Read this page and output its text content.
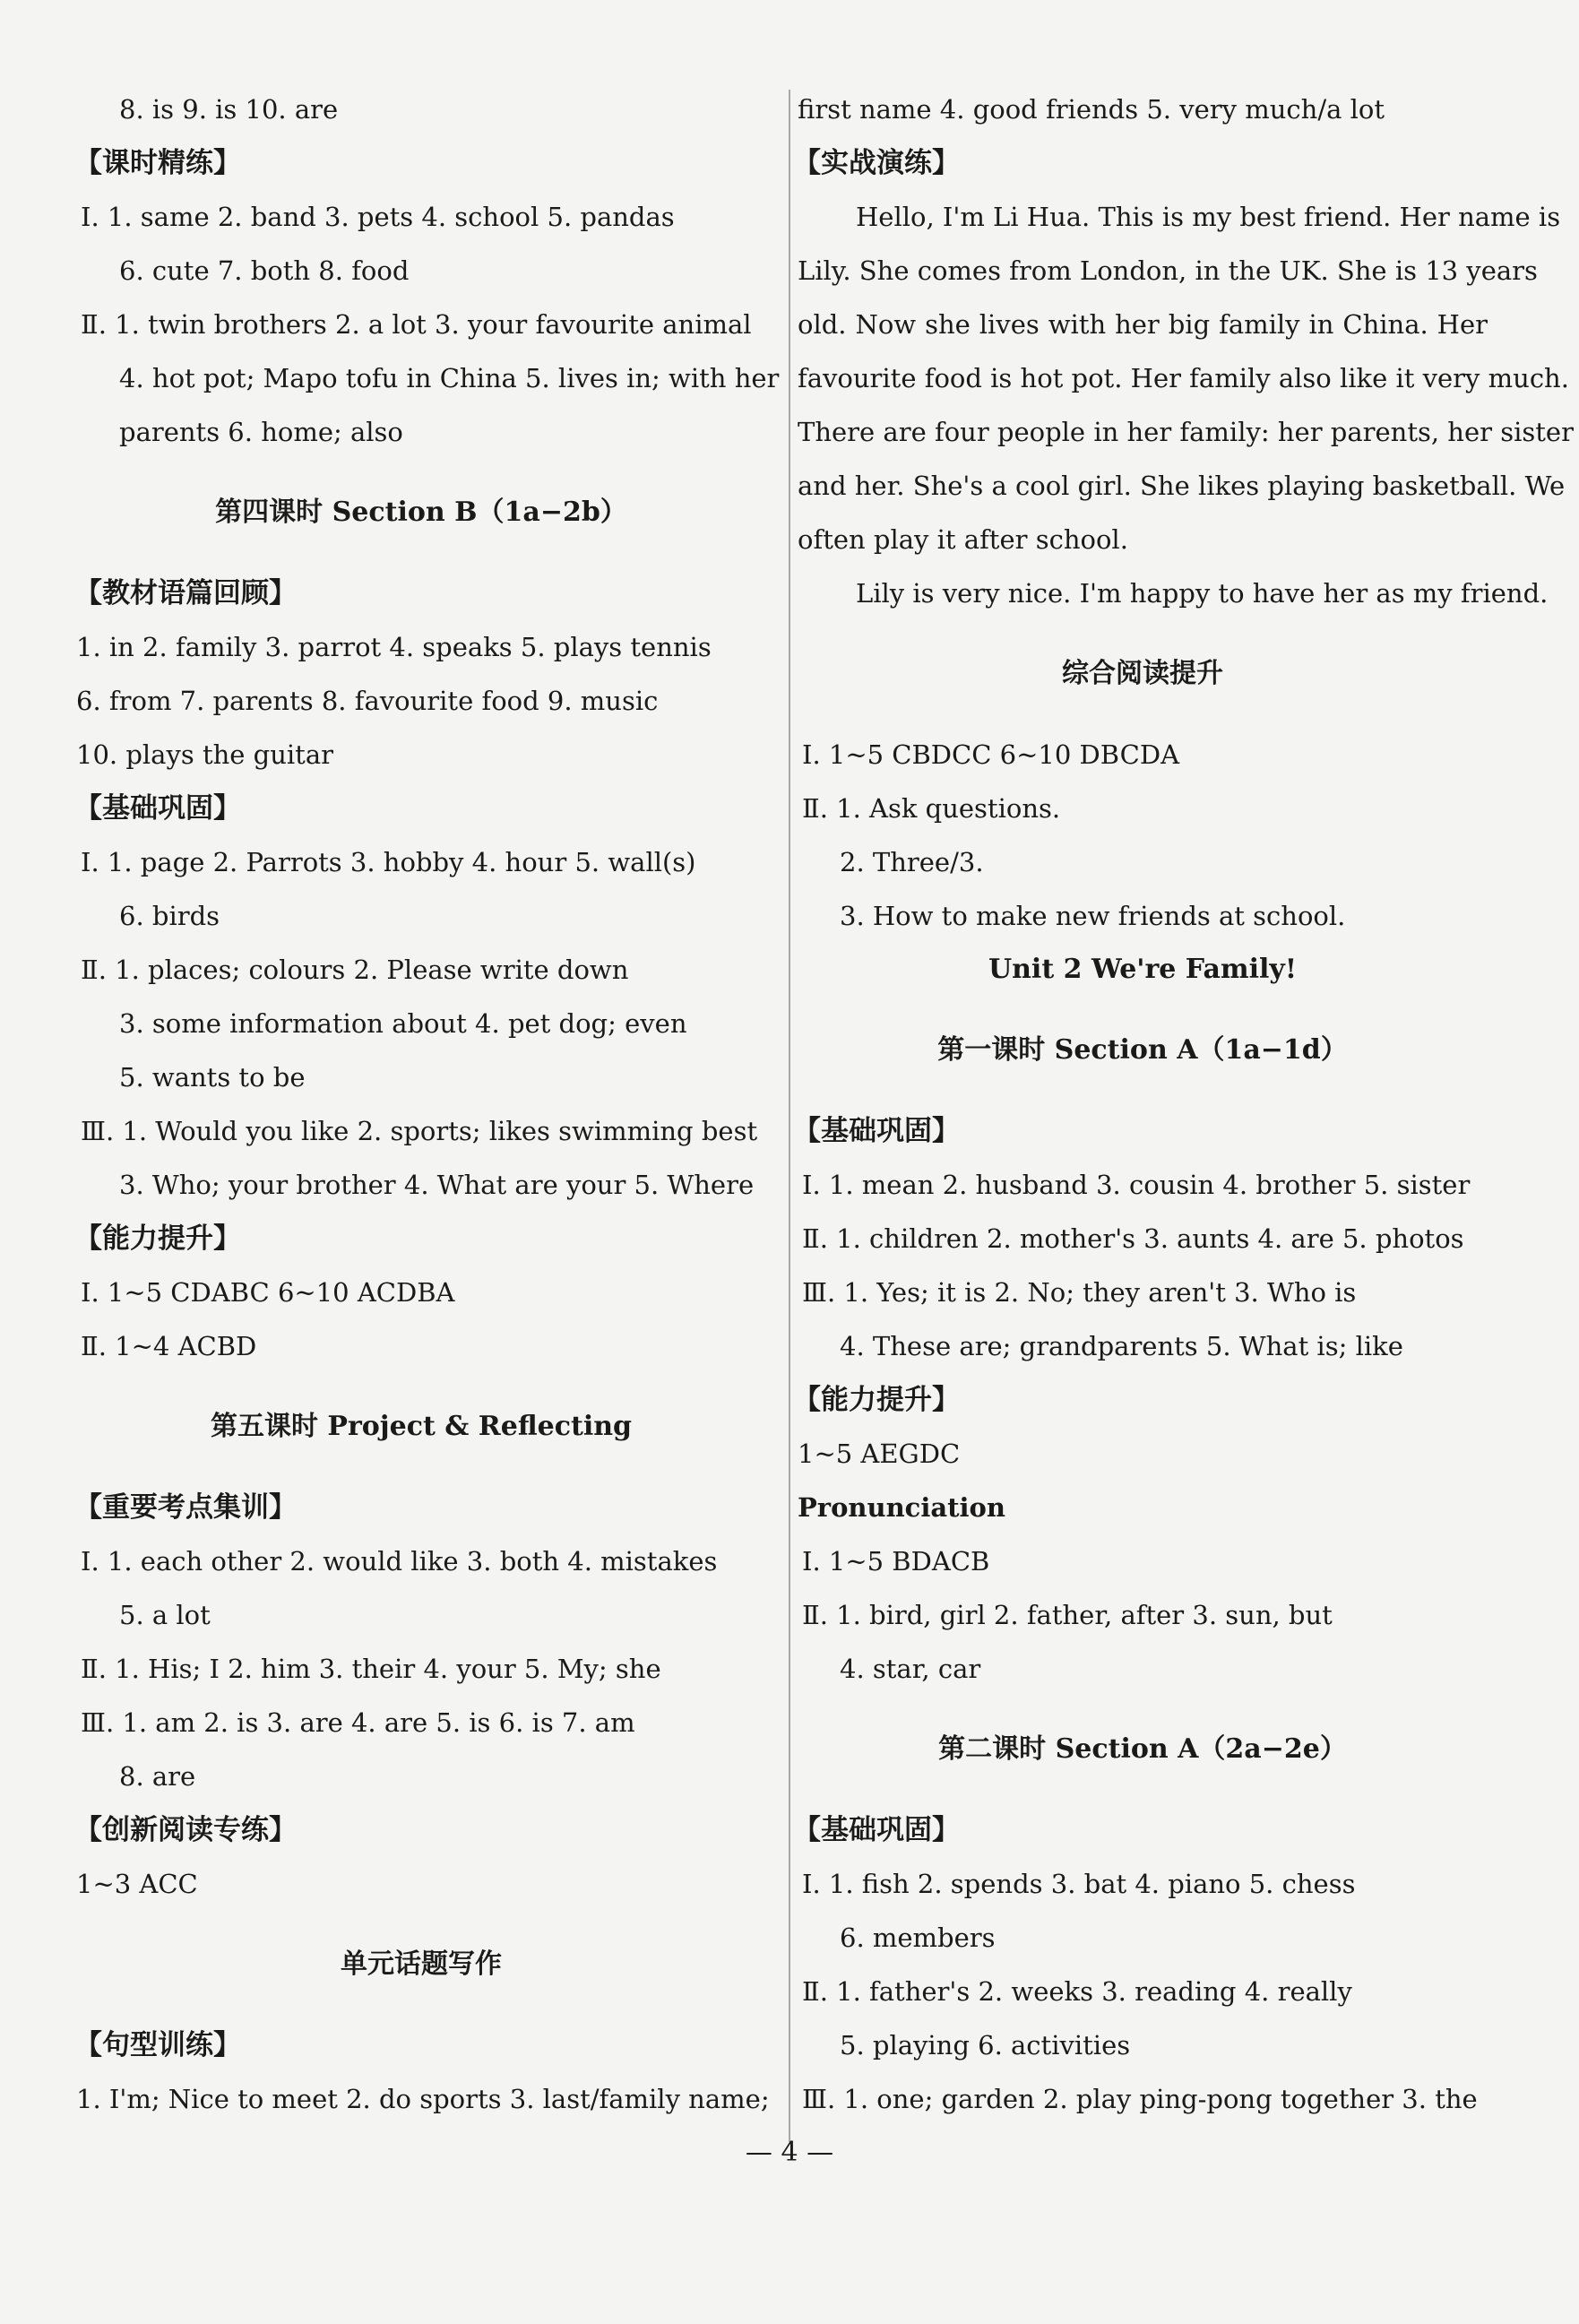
8. is 9. is 10. are
【课时精练】
Ⅰ. 1. same 2. band 3. pets 4. school 5. pandas
6. cute 7. both 8. food
Ⅱ. 1. twin brothers 2. a lot 3. your favourite animal
4. hot pot; Mapo tofu in China 5. lives in; with her
parents 6. home; also
第四课时 Section B（1a−2b）
【教材语篇回顾】
1. in 2. family 3. parrot 4. speaks 5. plays tennis
6. from 7. parents 8. favourite food 9. music
10. plays the guitar
【基础巩固】
Ⅰ. 1. page 2. Parrots 3. hobby 4. hour 5. wall(s)
6. birds
Ⅱ. 1. places; colours 2. Please write down
3. some information about 4. pet dog; even
5. wants to be
Ⅲ. 1. Would you like 2. sports; likes swimming best
3. Who; your brother 4. What are your 5. Where
【能力提升】
Ⅰ. 1~5 CDABC 6~10 ACDBA
Ⅱ. 1~4 ACBD
第五课时 Project & Reflecting
【重要考点集训】
Ⅰ. 1. each other 2. would like 3. both 4. mistakes
5. a lot
Ⅱ. 1. His; I 2. him 3. their 4. your 5. My; she
Ⅲ. 1. am 2. is 3. are 4. are 5. is 6. is 7. am
8. are
【创新阅读专练】
1~3 ACC
单元话题写作
【句型训练】
1. I'm; Nice to meet 2. do sports 3. last/family name;
first name 4. good friends 5. very much/a lot
【实战演练】
Hello, I'm Li Hua. This is my best friend. Her name is
Lily. She comes from London, in the UK. She is 13 years
old. Now she lives with her big family in China. Her
favourite food is hot pot. Her family also like it very much.
There are four people in her family: her parents, her sister
and her. She's a cool girl. She likes playing basketball. We
often play it after school.
Lily is very nice. I'm happy to have her as my friend.
综合阅读提升
Ⅰ. 1~5 CBDCC 6~10 DBCDA
Ⅱ. 1. Ask questions.
2. Three/3.
3. How to make new friends at school.
Unit 2 We're Family!
第一课时 Section A（1a−1d）
【基础巩固】
Ⅰ. 1. mean 2. husband 3. cousin 4. brother 5. sister
Ⅱ. 1. children 2. mother's 3. aunts 4. are 5. photos
Ⅲ. 1. Yes; it is 2. No; they aren't 3. Who is
4. These are; grandparents 5. What is; like
【能力提升】
1~5 AEGDC
Pronunciation
Ⅰ. 1~5 BDACB
Ⅱ. 1. bird, girl 2. father, after 3. sun, but
4. star, car
第二课时 Section A（2a−2e）
【基础巩固】
Ⅰ. 1. fish 2. spends 3. bat 4. piano 5. chess
6. members
Ⅱ. 1. father's 2. weeks 3. reading 4. really
5. playing 6. activities
Ⅲ. 1. one; garden 2. play ping-pong together 3. the
— 4 —
